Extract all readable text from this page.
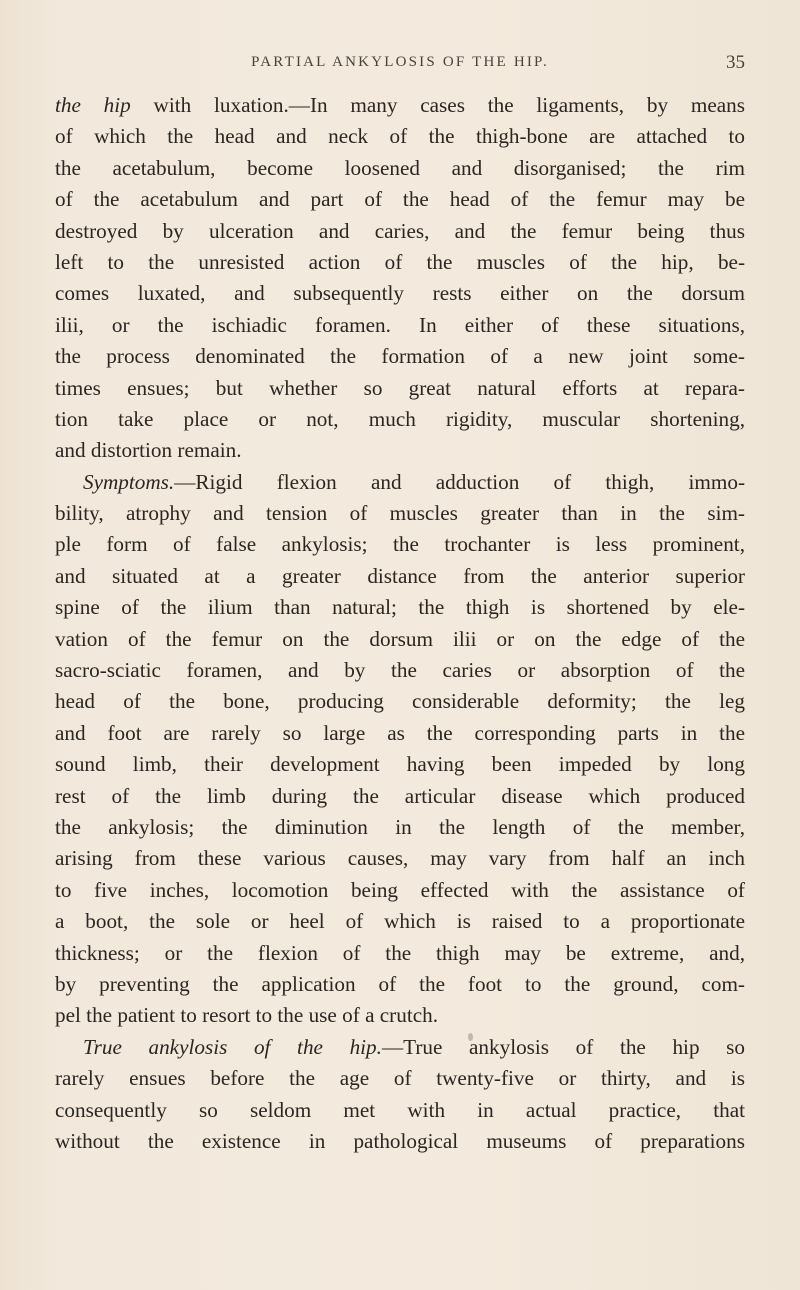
PARTIAL ANKYLOSIS OF THE HIP.	35
the hip with luxation.—In many cases the ligaments, by means
of which the head and neck of the thigh-bone are attached to
the acetabulum, become loosened and disorganised; the rim
of the acetabulum and part of the head of the femur may be
destroyed by ulceration and caries, and the femur being thus
left to the unresisted action of the muscles of the hip, be-
comes luxated, and subsequently rests either on the dorsum
ilii, or the ischiadic foramen. In either of these situations,
the process denominated the formation of a new joint some-
times ensues; but whether so great natural efforts at repara-
tion take place or not, much rigidity, muscular shortening,
and distortion remain.
Symptoms.—Rigid flexion and adduction of thigh, immo-
bility, atrophy and tension of muscles greater than in the sim-
ple form of false ankylosis; the trochanter is less prominent,
and situated at a greater distance from the anterior superior
spine of the ilium than natural; the thigh is shortened by ele-
vation of the femur on the dorsum ilii or on the edge of the
sacro-sciatic foramen, and by the caries or absorption of the
head of the bone, producing considerable deformity; the leg
and foot are rarely so large as the corresponding parts in the
sound limb, their development having been impeded by long
rest of the limb during the articular disease which produced
the ankylosis; the diminution in the length of the member,
arising from these various causes, may vary from half an inch
to five inches, locomotion being effected with the assistance of
a boot, the sole or heel of which is raised to a proportionate
thickness; or the flexion of the thigh may be extreme, and,
by preventing the application of the foot to the ground, com-
pel the patient to resort to the use of a crutch.
True ankylosis of the hip.—True ankylosis of the hip so
rarely ensues before the age of twenty-five or thirty, and is
consequently so seldom met with in actual practice, that
without the existence in pathological museums of preparations
